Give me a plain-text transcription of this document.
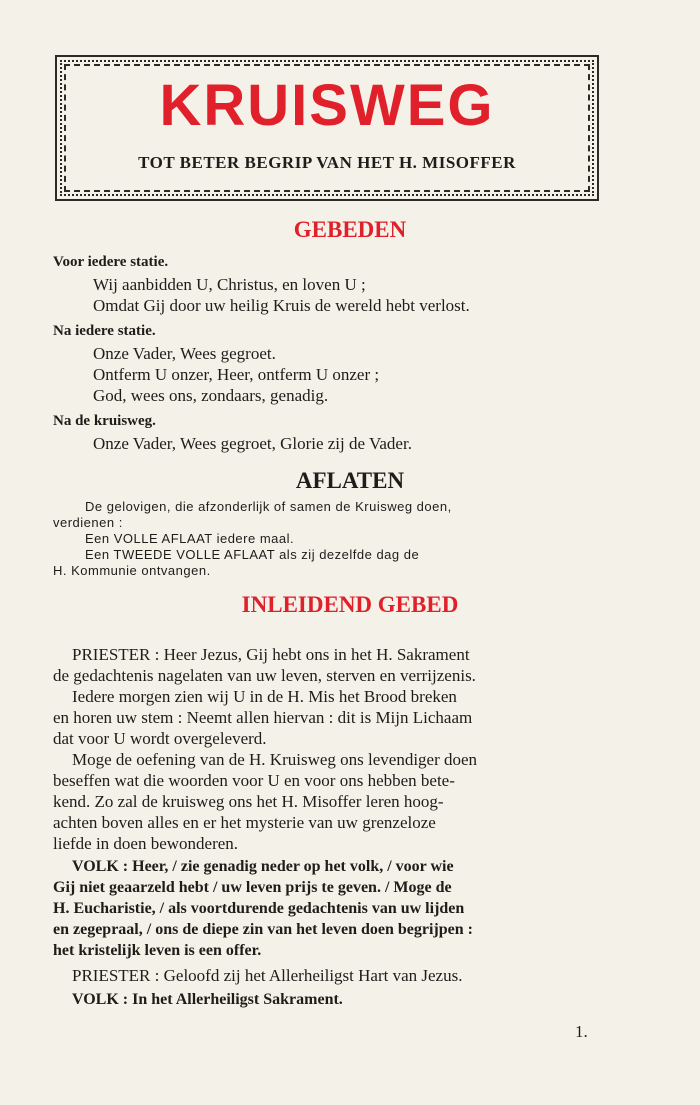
KRUISWEG
TOT BETER BEGRIP VAN HET H. MISOFFER
GEBEDEN
Voor iedere statie.
Wij aanbidden U, Christus, en loven U ;
Omdat Gij door uw heilig Kruis de wereld hebt verlost.
Na iedere statie.
Onze Vader, Wees gegroet.
Ontferm U onzer, Heer, ontferm U onzer ;
God, wees ons, zondaars, genadig.
Na de kruisweg.
Onze Vader, Wees gegroet, Glorie zij de Vader.
AFLATEN
De gelovigen, die afzonderlijk of samen de Kruisweg doen,
verdienen :
Een VOLLE AFLAAT iedere maal.
Een TWEEDE VOLLE AFLAAT als zij dezelfde dag de
H. Kommunie ontvangen.
INLEIDEND GEBED
PRIESTER : Heer Jezus, Gij hebt ons in het H. Sakrament
de gedachtenis nagelaten van uw leven, sterven en verrijzenis.
Iedere morgen zien wij U in de H. Mis het Brood breken
en horen uw stem : Neemt allen hiervan : dit is Mijn Lichaam
dat voor U wordt overgeleverd.
Moge de oefening van de H. Kruisweg ons levendiger doen
beseffen wat die woorden voor U en voor ons hebben bete-
kend. Zo zal de kruisweg ons het H. Misoffer leren hoog-
achten boven alles en er het mysterie van uw grenzeloze
liefde in doen bewonderen.
VOLK : Heer, / zie genadig neder op het volk, / voor wie
Gij niet geaarzeld hebt / uw leven prijs te geven. / Moge de
H. Eucharistie, / als voortdurende gedachtenis van uw lijden
en zegepraal, / ons de diepe zin van het leven doen begrijpen :
het kristelijk leven is een offer.
PRIESTER : Geloofd zij het Allerheiligst Hart van Jezus.
VOLK : In het Allerheiligst Sakrament.
1.
